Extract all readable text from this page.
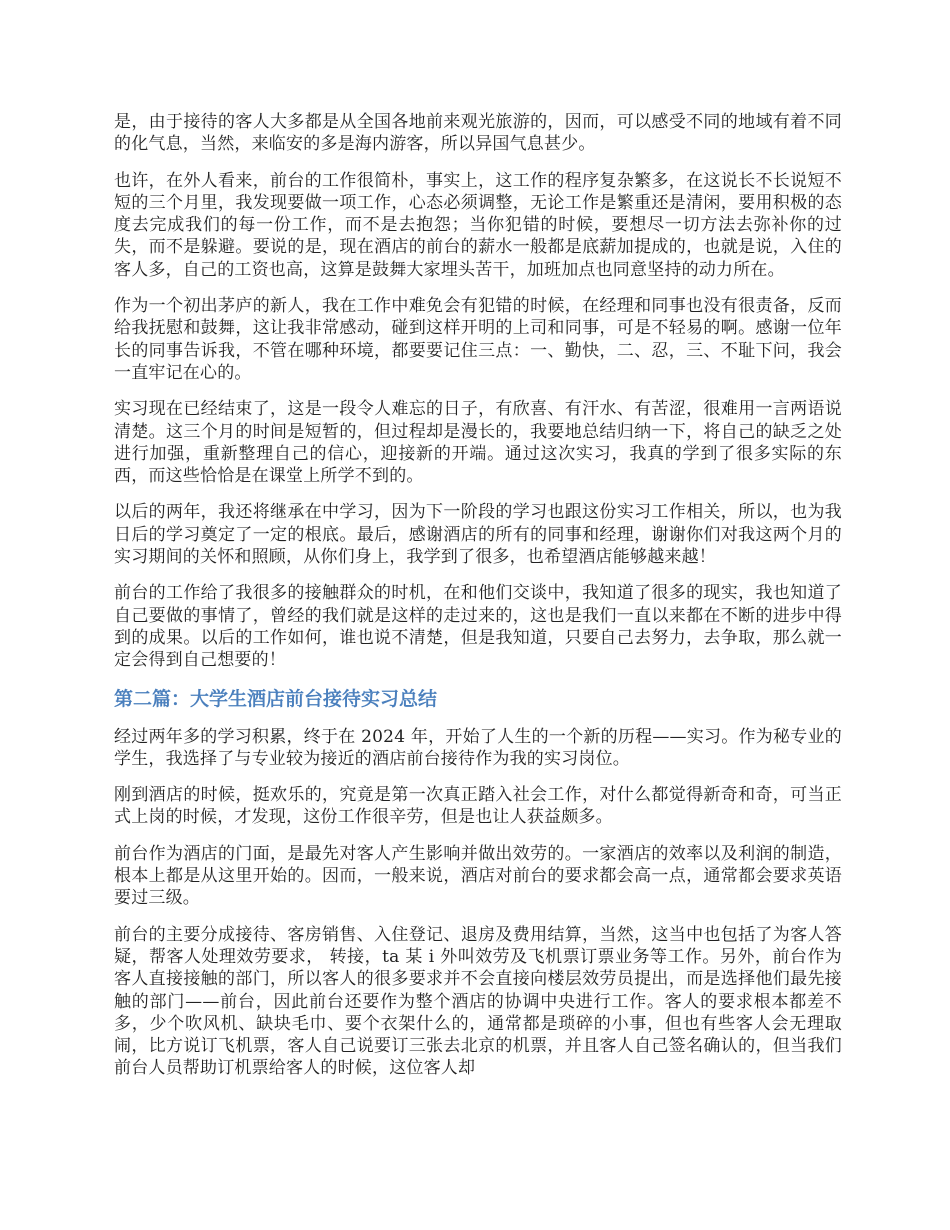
是，由于接待的客人大多都是从全国各地前来观光旅游的，因而，可以感受不同的地域有着不同的化气息，当然，来临安的多是海内游客，所以异国气息甚少。

也许，在外人看来，前台的工作很简朴，事实上，这工作的程序复杂繁多，在这说长不长说短不短的三个月里，我发现要做一项工作，心态必须调整，无论工作是繁重还是清闲，要用积极的态度去完成我们的每一份工作，而不是去抱怨；当你犯错的时候，要想尽一切方法去弥补你的过失，而不是躲避。要说的是，现在酒店的前台的薪水一般都是底薪加提成的，也就是说，入住的客人多，自己的工资也高，这算是鼓舞大家埋头苦干，加班加点也同意坚持的动力所在。

作为一个初出茅庐的新人，我在工作中难免会有犯错的时候，在经理和同事也没有很责备，反而给我抚慰和鼓舞，这让我非常感动，碰到这样开明的上司和同事，可是不轻易的啊。感谢一位年长的同事告诉我，不管在哪种环境，都要要记住三点：一、勤快，二、忍，三、不耻下问，我会一直牢记在心的。

实习现在已经结束了，这是一段令人难忘的日子，有欣喜、有汗水、有苦涩，很难用一言两语说清楚。这三个月的时间是短暂的，但过程却是漫长的，我要地总结归纳一下，将自己的缺乏之处进行加强，重新整理自己的信心，迎接新的开端。通过这次实习，我真的学到了很多实际的东西，而这些恰恰是在课堂上所学不到的。

以后的两年，我还将继承在中学习，因为下一阶段的学习也跟这份实习工作相关，所以，也为我日后的学习奠定了一定的根底。最后，感谢酒店的所有的同事和经理，谢谢你们对我这两个月的实习期间的关怀和照顾，从你们身上，我学到了很多，也希望酒店能够越来越！

前台的工作给了我很多的接触群众的时机，在和他们交谈中，我知道了很多的现实，我也知道了自己要做的事情了，曾经的我们就是这样的走过来的，这也是我们一直以来都在不断的进步中得到的成果。以后的工作如何，谁也说不清楚，但是我知道，只要自己去努力，去争取，那么就一定会得到自己想要的！

第二篇：大学生酒店前台接待实习总结

经过两年多的学习积累，终于在 2024 年，开始了人生的一个新的历程——实习。作为秘专业的学生，我选择了与专业较为接近的酒店前台接待作为我的实习岗位。

刚到酒店的时候，挺欢乐的，究竟是第一次真正踏入社会工作，对什么都觉得新奇和奇，可当正式上岗的时候，才发现，这份工作很辛劳，但是也让人获益颇多。

前台作为酒店的门面，是最先对客人产生影响并做出效劳的。一家酒店的效率以及利润的制造，根本上都是从这里开始的。因而，一般来说，酒店对前台的要求都会高一点，通常都会要求英语要过三级。

前台的主要分成接待、客房销售、入住登记、退房及费用结算，当然，这当中也包括了为客人答疑，帮客人处理效劳要求， 转接，ta 某 i 外叫效劳及飞机票订票业务等工作。另外，前台作为客人直接接触的部门，所以客人的很多要求并不会直接向楼层效劳员提出，而是选择他们最先接触的部门——前台，因此前台还要作为整个酒店的协调中央进行工作。客人的要求根本都差不多，少个吹风机、缺块毛巾、要个衣架什么的，通常都是琐碎的小事，但也有些客人会无理取闹，比方说订飞机票，客人自己说要订三张去北京的机票，并且客人自己签名确认的，但当我们前台人员帮助订机票给客人的时候，这位客人却
